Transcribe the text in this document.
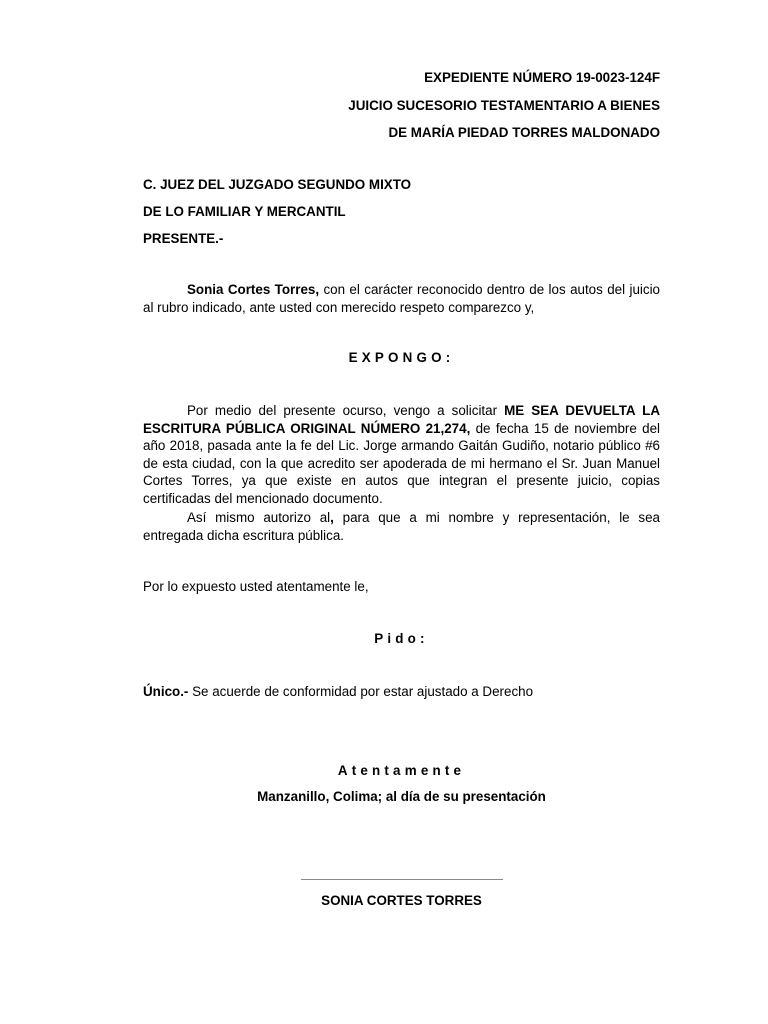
EXPEDIENTE NÚMERO 19-0023-124F
JUICIO SUCESORIO TESTAMENTARIO A BIENES
DE MARÍA PIEDAD TORRES MALDONADO
C. JUEZ DEL JUZGADO SEGUNDO MIXTO
DE LO FAMILIAR Y MERCANTIL
PRESENTE.-

Sonia Cortes Torres, con el carácter reconocido dentro de los autos del juicio al rubro indicado, ante usted con merecido respeto comparezco y,

EXPONGO:

Por medio del presente ocurso, vengo a solicitar ME SEA DEVUELTA LA ESCRITURA PÚBLICA ORIGINAL NÚMERO 21,274, de fecha 15 de noviembre del año 2018, pasada ante la fe del Lic. Jorge armando Gaitán Gudiño, notario público #6 de esta ciudad, con la que acredito ser apoderada de mi hermano el Sr. Juan Manuel Cortes Torres, ya que existe en autos que integran el presente juicio, copias certificadas del mencionado documento.

Así mismo autorizo al, para que a mi nombre y representación, le sea entregada dicha escritura pública.

Por lo expuesto usted atentamente le,
Pido:
Único.- Se acuerde de conformidad por estar ajustado a Derecho
Atentamente
Manzanillo, Colima; al día de su presentación
SONIA CORTES TORRES
